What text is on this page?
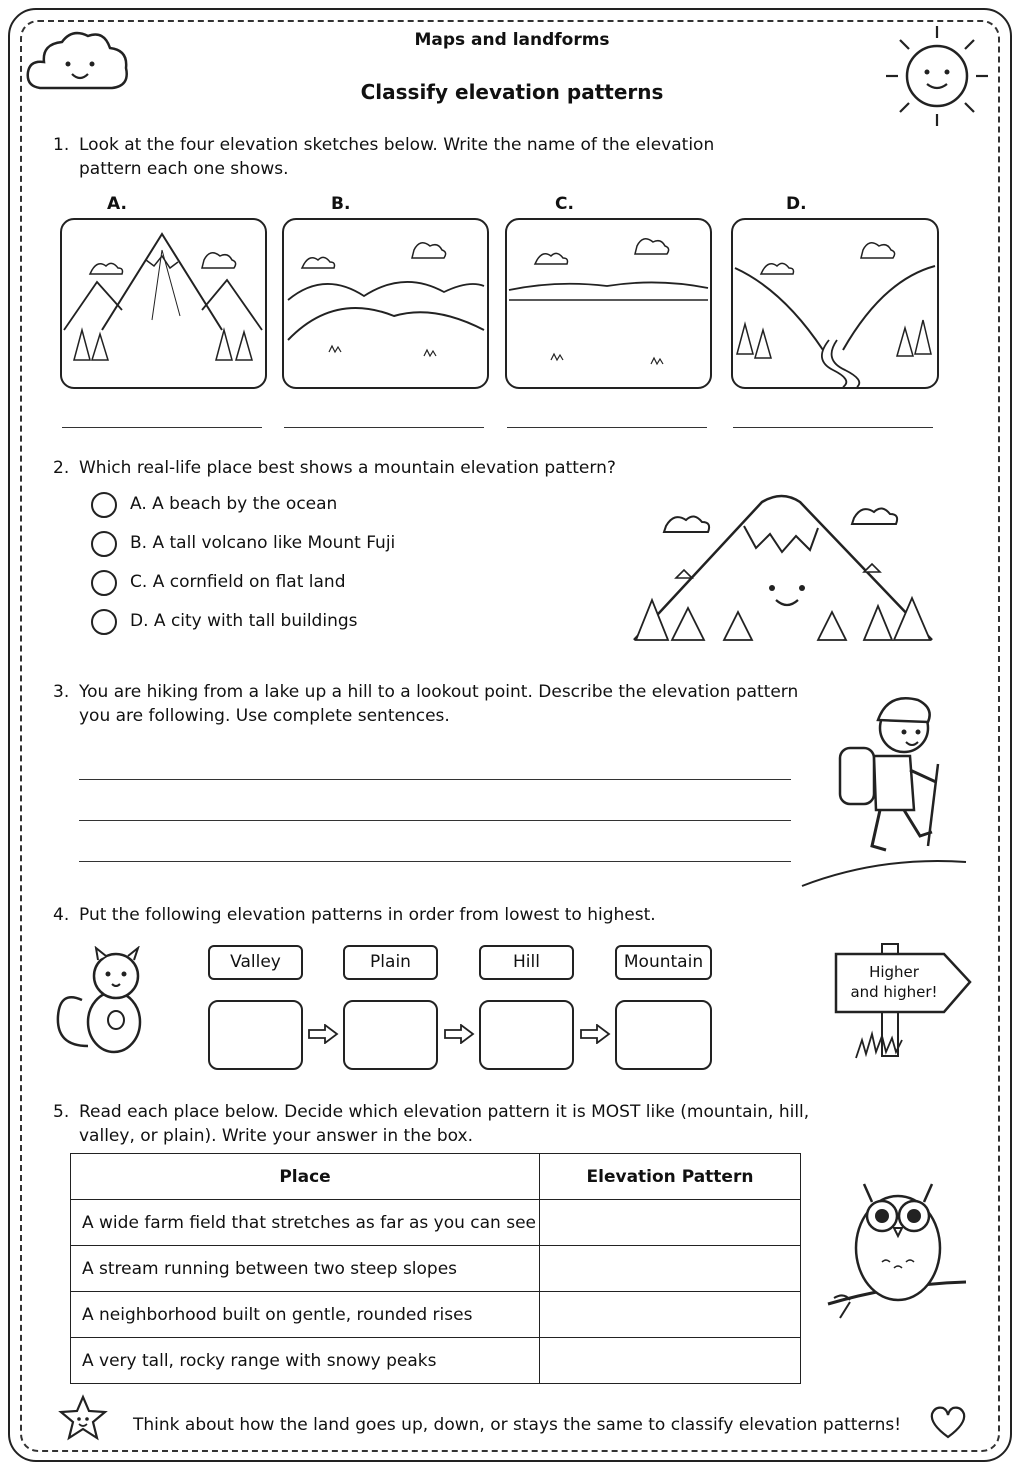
Maps and landforms
Classify elevation patterns
1. Look at the four elevation sketches below. Write the name of the elevation
pattern each one shows.
A.	B.	C.	D.
2. Which real-life place best shows a mountain elevation pattern?
A. A beach by the ocean
B. A tall volcano like Mount Fuji
C. A cornfield on flat land
D. A city with tall buildings
3. You are hiking from a lake up a hill to a lookout point. Describe the elevation pattern
you are following. Use complete sentences.
4. Put the following elevation patterns in order from lowest to highest.
Valley	Plain	Hill	Mountain	Higher
and higher!
5. Read each place below. Decide which elevation pattern it is MOST like (mountain, hill,
valley, or plain). Write your answer in the box.
Place	Elevation Pattern
A wide farm field that stretches as far as you can see	
A stream running between two steep slopes	
A neighborhood built on gentle, rounded rises	
A very tall, rocky range with snowy peaks	
Think about how the land goes up, down, or stays the same to classify elevation patterns!
